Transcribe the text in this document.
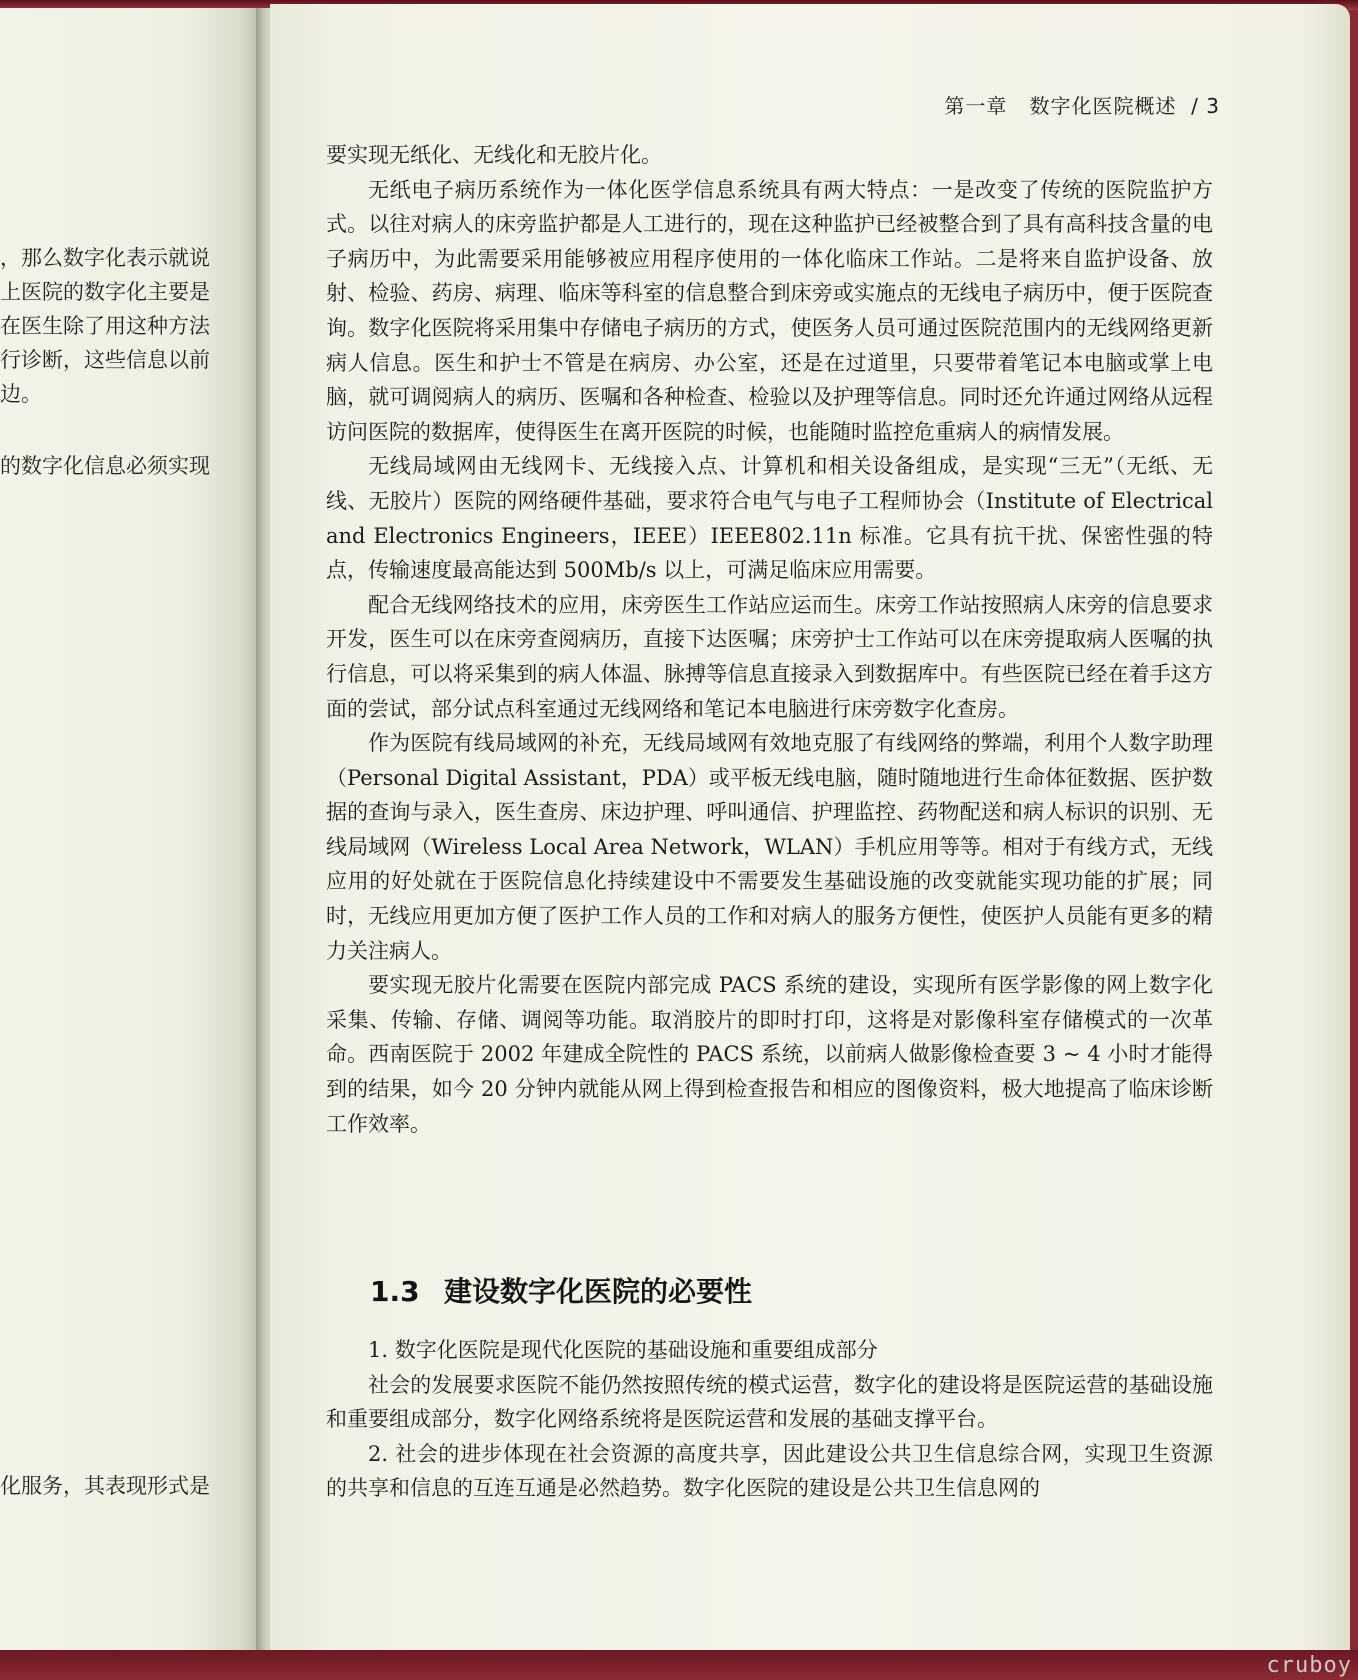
，那么数字化表示就说
上医院的数字化主要是
在医生除了用这种方法
行诊断，这些信息以前
边。
的数字化信息必须实现
化服务，其表现形式是
第一章 数字化医院概述 / 3

要实现无纸化、无线化和无胶片化。

无纸电子病历系统作为一体化医学信息系统具有两大特点：一是改变了传统的医院监护方式。以往对病人的床旁监护都是人工进行的，现在这种监护已经被整合到了具有高科技含量的电子病历中，为此需要采用能够被应用程序使用的一体化临床工作站。二是将来自监护设备、放射、检验、药房、病理、临床等科室的信息整合到床旁或实施点的无线电子病历中，便于医院查询。数字化医院将采用集中存储电子病历的方式，使医务人员可通过医院范围内的无线网络更新病人信息。医生和护士不管是在病房、办公室，还是在过道里，只要带着笔记本电脑或掌上电脑，就可调阅病人的病历、医嘱和各种检查、检验以及护理等信息。同时还允许通过网络从远程访问医院的数据库，使得医生在离开医院的时候，也能随时监控危重病人的病情发展。

无线局域网由无线网卡、无线接入点、计算机和相关设备组成，是实现“三无”（无纸、无线、无胶片）医院的网络硬件基础，要求符合电气与电子工程师协会（Institute of Electrical and Electronics Engineers，IEEE）IEEE802.11n 标准。它具有抗干扰、保密性强的特点，传输速度最高能达到 500Mb/s 以上，可满足临床应用需要。

配合无线网络技术的应用，床旁医生工作站应运而生。床旁工作站按照病人床旁的信息要求开发，医生可以在床旁查阅病历，直接下达医嘱；床旁护士工作站可以在床旁提取病人医嘱的执行信息，可以将采集到的病人体温、脉搏等信息直接录入到数据库中。有些医院已经在着手这方面的尝试，部分试点科室通过无线网络和笔记本电脑进行床旁数字化查房。

作为医院有线局域网的补充，无线局域网有效地克服了有线网络的弊端，利用个人数字助理（Personal Digital Assistant，PDA）或平板无线电脑，随时随地进行生命体征数据、医护数据的查询与录入，医生查房、床边护理、呼叫通信、护理监控、药物配送和病人标识的识别、无线局域网（Wireless Local Area Network，WLAN）手机应用等等。相对于有线方式，无线应用的好处就在于医院信息化持续建设中不需要发生基础设施的改变就能实现功能的扩展；同时，无线应用更加方便了医护工作人员的工作和对病人的服务方便性，使医护人员能有更多的精力关注病人。

要实现无胶片化需要在医院内部完成 PACS 系统的建设，实现所有医学影像的网上数字化采集、传输、存储、调阅等功能。取消胶片的即时打印，这将是对影像科室存储模式的一次革命。西南医院于 2002 年建成全院性的 PACS 系统，以前病人做影像检查要 3 ~ 4 小时才能得到的结果，如今 20 分钟内就能从网上得到检查报告和相应的图像资料，极大地提高了临床诊断工作效率。

1.3 建设数字化医院的必要性

1. 数字化医院是现代化医院的基础设施和重要组成部分

社会的发展要求医院不能仍然按照传统的模式运营，数字化的建设将是医院运营的基础设施和重要组成部分，数字化网络系统将是医院运营和发展的基础支撑平台。

2. 社会的进步体现在社会资源的高度共享，因此建设公共卫生信息综合网，实现卫生资源的共享和信息的互连互通是必然趋势。数字化医院的建设是公共卫生信息网的

cruboy
